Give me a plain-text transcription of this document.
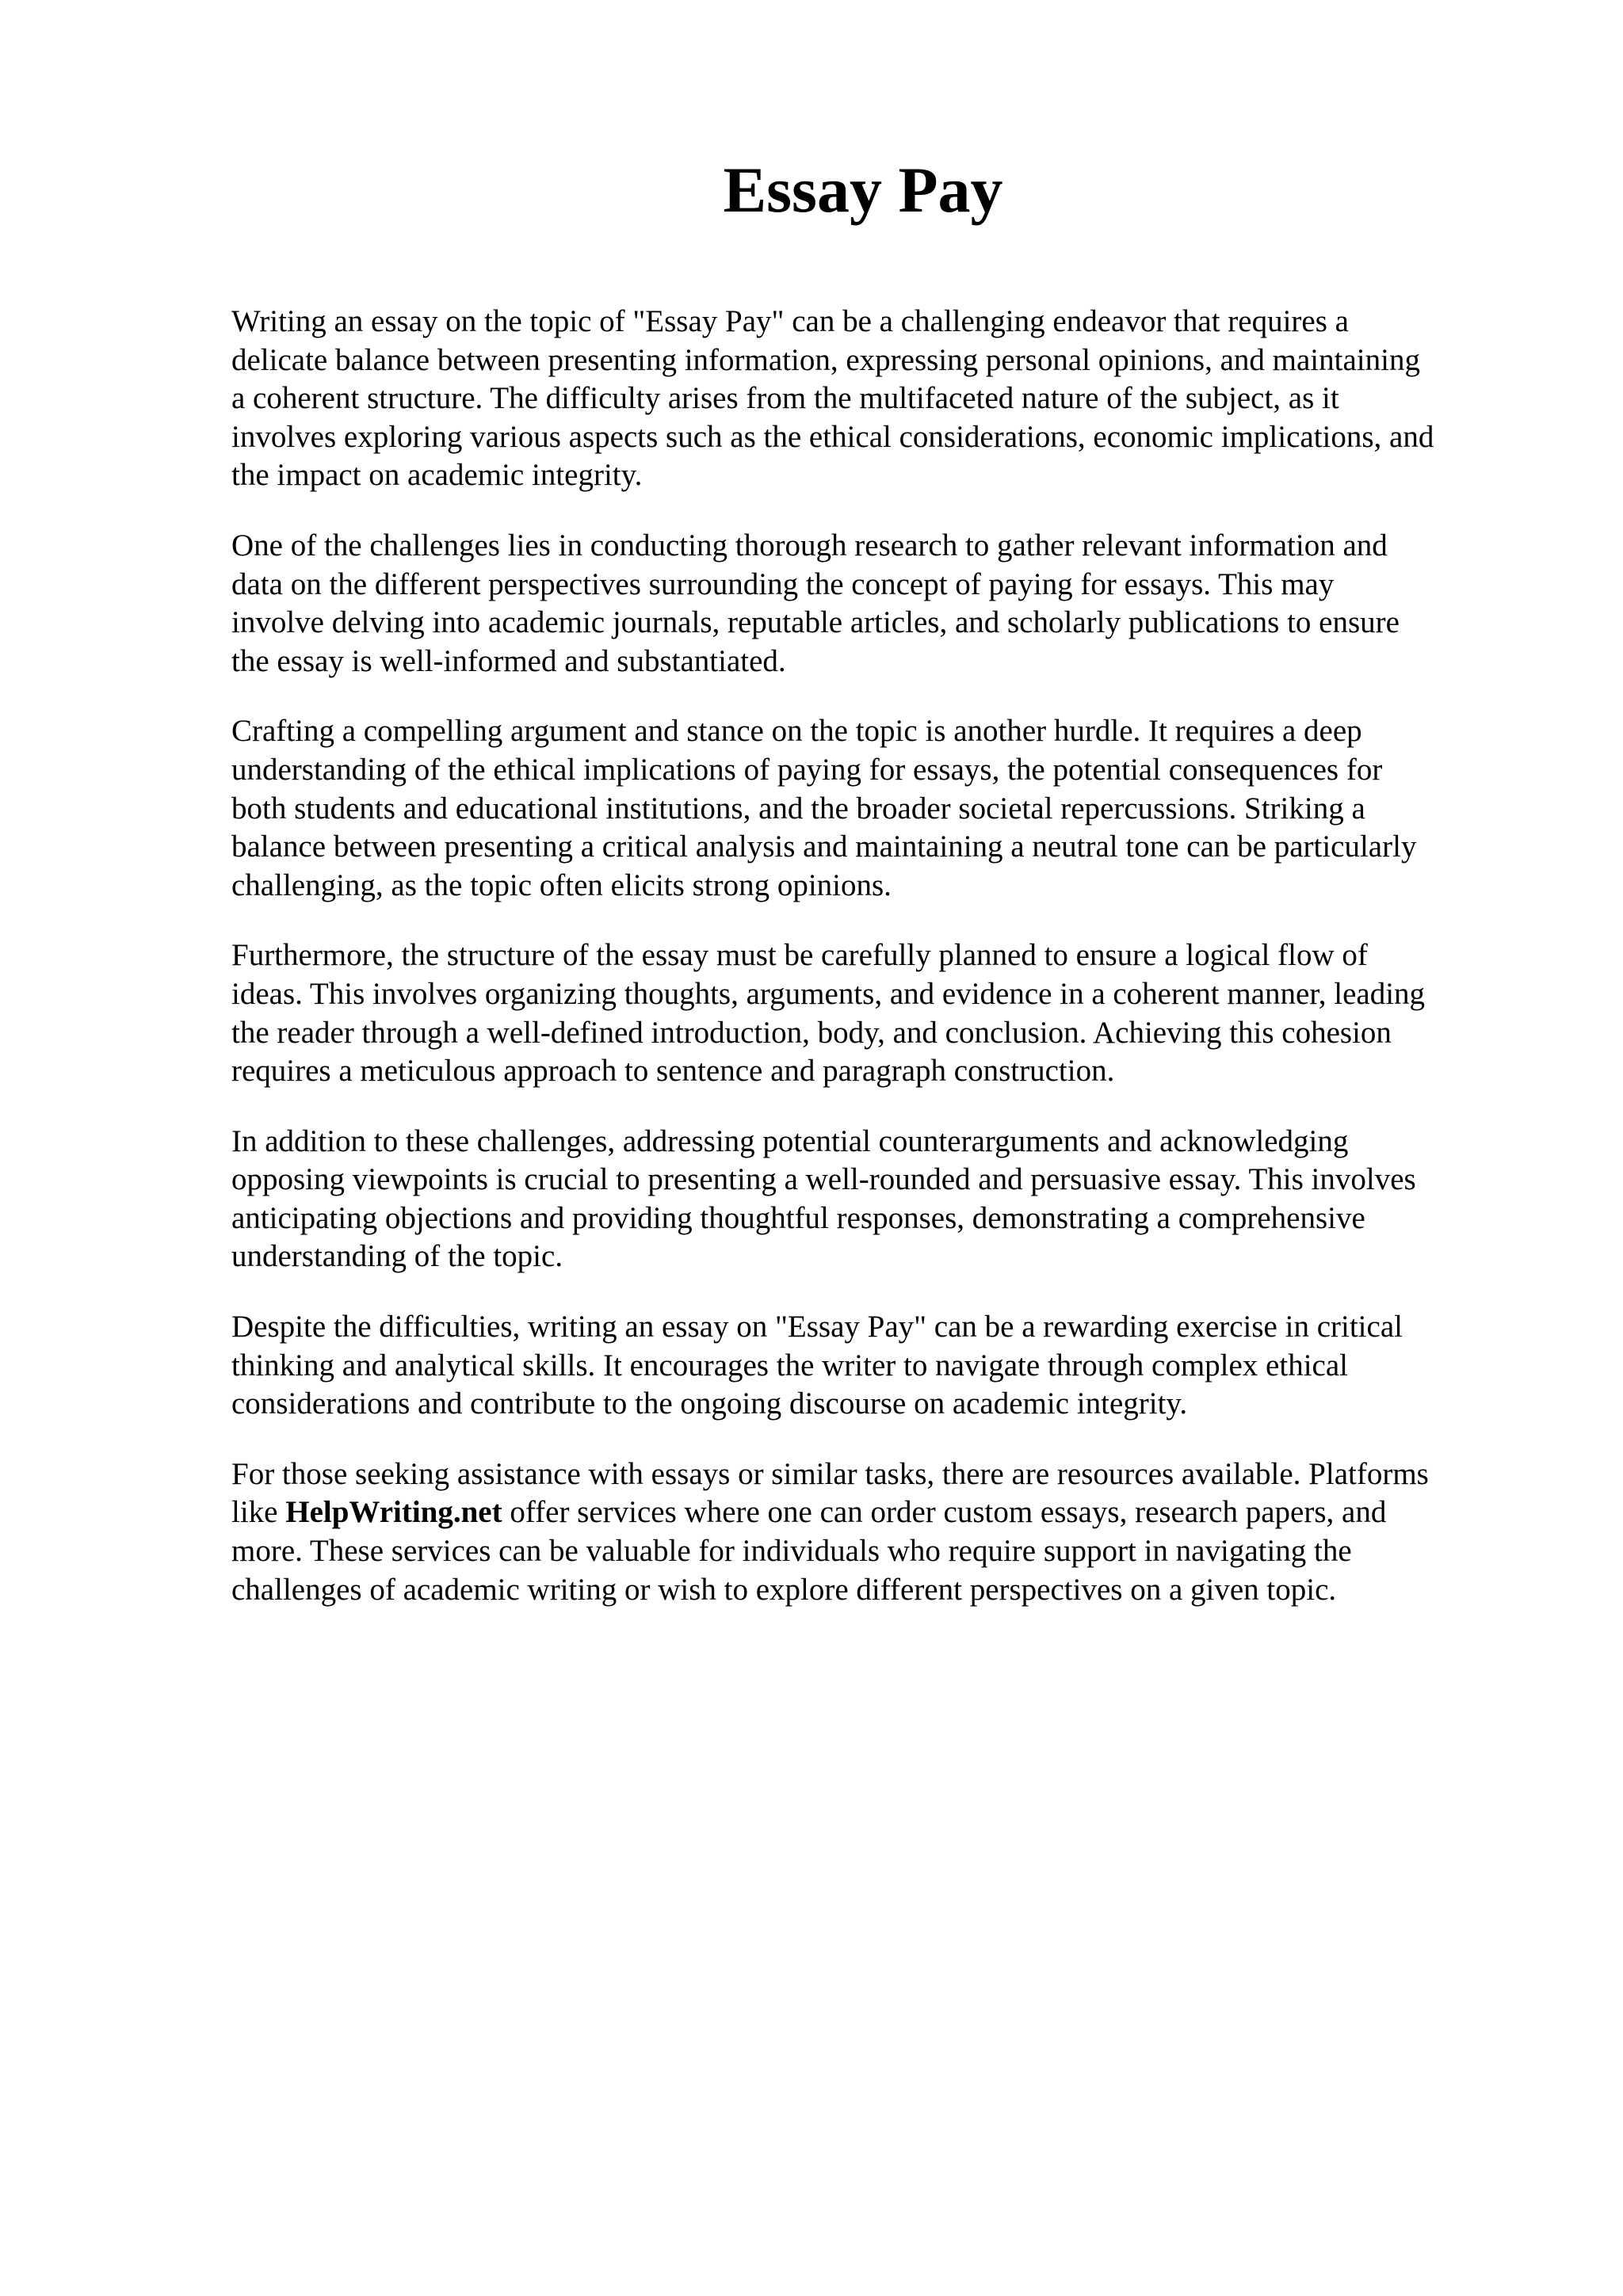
Essay Pay

Writing an essay on the topic of "Essay Pay" can be a challenging endeavor that requires a
delicate balance between presenting information, expressing personal opinions, and maintaining
a coherent structure. The difficulty arises from the multifaceted nature of the subject, as it
involves exploring various aspects such as the ethical considerations, economic implications, and
the impact on academic integrity.

One of the challenges lies in conducting thorough research to gather relevant information and
data on the different perspectives surrounding the concept of paying for essays. This may
involve delving into academic journals, reputable articles, and scholarly publications to ensure
the essay is well-informed and substantiated.

Crafting a compelling argument and stance on the topic is another hurdle. It requires a deep
understanding of the ethical implications of paying for essays, the potential consequences for
both students and educational institutions, and the broader societal repercussions. Striking a
balance between presenting a critical analysis and maintaining a neutral tone can be particularly
challenging, as the topic often elicits strong opinions.

Furthermore, the structure of the essay must be carefully planned to ensure a logical flow of
ideas. This involves organizing thoughts, arguments, and evidence in a coherent manner, leading
the reader through a well-defined introduction, body, and conclusion. Achieving this cohesion
requires a meticulous approach to sentence and paragraph construction.

In addition to these challenges, addressing potential counterarguments and acknowledging
opposing viewpoints is crucial to presenting a well-rounded and persuasive essay. This involves
anticipating objections and providing thoughtful responses, demonstrating a comprehensive
understanding of the topic.

Despite the difficulties, writing an essay on "Essay Pay" can be a rewarding exercise in critical
thinking and analytical skills. It encourages the writer to navigate through complex ethical
considerations and contribute to the ongoing discourse on academic integrity.

For those seeking assistance with essays or similar tasks, there are resources available. Platforms
like HelpWriting.net offer services where one can order custom essays, research papers, and
more. These services can be valuable for individuals who require support in navigating the
challenges of academic writing or wish to explore different perspectives on a given topic.
